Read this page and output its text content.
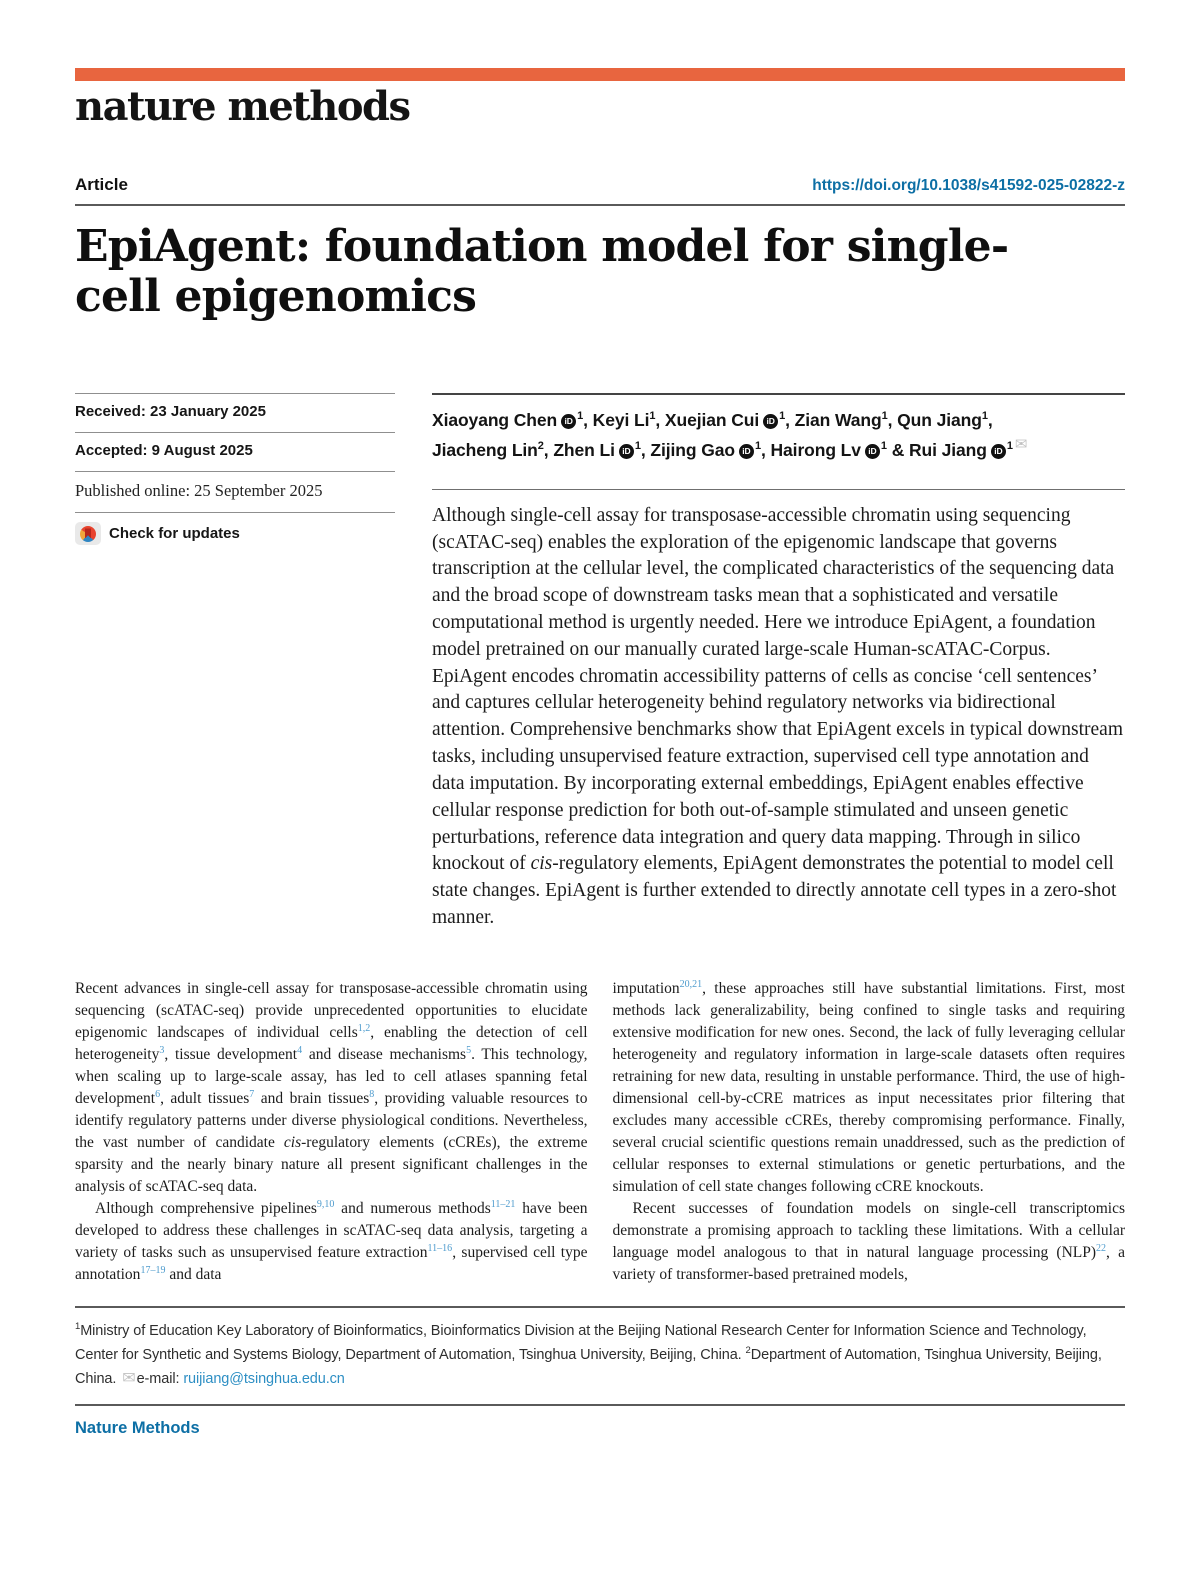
nature methods
Article	https://doi.org/10.1038/s41592-025-02822-z
EpiAgent: foundation model for single-cell epigenomics
Received: 23 January 2025
Accepted: 9 August 2025
Published online: 25 September 2025
Check for updates

Xiaoyang Chen iD $^1$, Keyi Li$^1$, Xuejian Cui iD $^1$, Zian Wang$^1$, Qun Jiang$^1$,
Jiacheng Lin$^2$, Zhen Li iD $^1$, Zijing Gao iD $^1$, Hairong Lv iD $^1$ & Rui Jiang iD $^1$ ✉

Although single-cell assay for transposase-accessible chromatin using sequencing (scATAC-seq) enables the exploration of the epigenomic landscape that governs transcription at the cellular level, the complicated characteristics of the sequencing data and the broad scope of downstream tasks mean that a sophisticated and versatile computational method is urgently needed. Here we introduce EpiAgent, a foundation model pretrained on our manually curated large-scale Human-scATAC-Corpus. EpiAgent encodes chromatin accessibility patterns of cells as concise ‘cell sentences’ and captures cellular heterogeneity behind regulatory networks via bidirectional attention. Comprehensive benchmarks show that EpiAgent excels in typical downstream tasks, including unsupervised feature extraction, supervised cell type annotation and data imputation. By incorporating external embeddings, EpiAgent enables effective cellular response prediction for both out-of-sample stimulated and unseen genetic perturbations, reference data integration and query data mapping. Through in silico knockout of cis-regulatory elements, EpiAgent demonstrates the potential to model cell state changes. EpiAgent is further extended to directly annotate cell types in a zero-shot manner.

Recent advances in single-cell assay for transposase-accessible chromatin using sequencing (scATAC-seq) provide unprecedented opportunities to elucidate epigenomic landscapes of individual cells$^{1,2}$, enabling the detection of cell heterogeneity$^3$, tissue development$^4$ and disease mechanisms$^5$. This technology, when scaling up to large-scale assay, has led to cell atlases spanning fetal development$^6$, adult tissues$^7$ and brain tissues$^8$, providing valuable resources to identify regulatory patterns under diverse physiological conditions. Nevertheless, the vast number of candidate cis-regulatory elements (cCREs), the extreme sparsity and the nearly binary nature all present significant challenges in the analysis of scATAC-seq data.

Although comprehensive pipelines$^{9,10}$ and numerous methods$^{11-21}$ have been developed to address these challenges in scATAC-seq data analysis, targeting a variety of tasks such as unsupervised feature extraction$^{11-16}$, supervised cell type annotation$^{17-19}$ and data

imputation$^{20,21}$, these approaches still have substantial limitations. First, most methods lack generalizability, being confined to single tasks and requiring extensive modification for new ones. Second, the lack of fully leveraging cellular heterogeneity and regulatory information in large-scale datasets often requires retraining for new data, resulting in unstable performance. Third, the use of high-dimensional cell-by-cCRE matrices as input necessitates prior filtering that excludes many accessible cCREs, thereby compromising performance. Finally, several crucial scientific questions remain unaddressed, such as the prediction of cellular responses to external stimulations or genetic perturbations, and the simulation of cell state changes following cCRE knockouts.

Recent successes of foundation models on single-cell transcriptomics demonstrate a promising approach to tackling these limitations. With a cellular language model analogous to that in natural language processing (NLP)$^{22}$, a variety of transformer-based pretrained models,

$^1$Ministry of Education Key Laboratory of Bioinformatics, Bioinformatics Division at the Beijing National Research Center for Information Science and Technology, Center for Synthetic and Systems Biology, Department of Automation, Tsinghua University, Beijing, China. $^2$Department of Automation, Tsinghua University, Beijing, China. ✉e-mail: ruijiang@tsinghua.edu.cn

Nature Methods
